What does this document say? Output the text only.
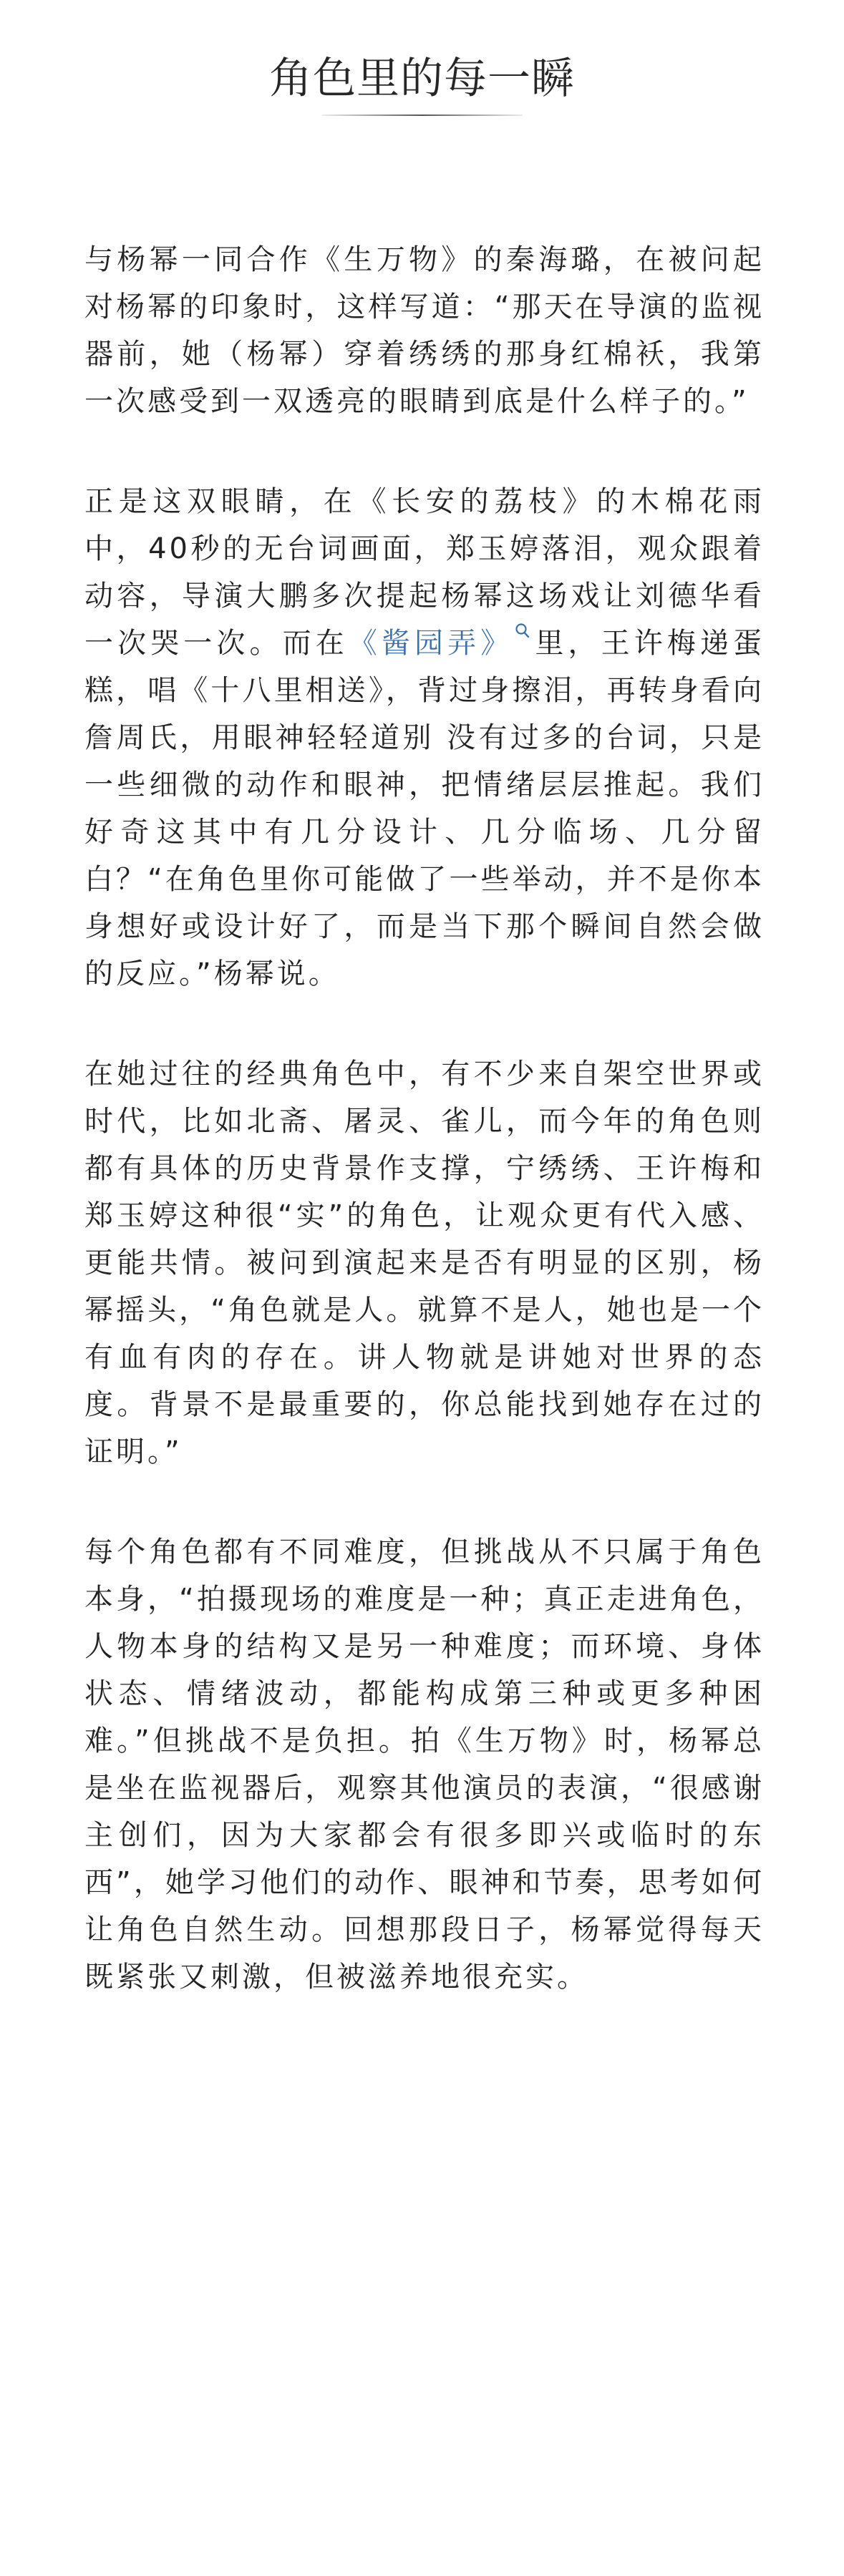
角色里的每一瞬

与杨幂一同合作《生万物》的秦海璐，在被问起对杨幂的印象时，这样写道：“那天在导演的监视器前，她（杨幂）穿着绣绣的那身红棉袄，我第一次感受到一双透亮的眼睛到底是什么样子的。”

正是这双眼睛，在《长安的荔枝》的木棉花雨中，40秒的无台词画面，郑玉婷落泪，观众跟着动容，导演大鹏多次提起杨幂这场戏让刘德华看一次哭一次。而在《酱园弄》 里，王许梅递蛋糕，唱《十八里相送》，背过身擦泪，再转身看向詹周氏，用眼神轻轻道别 没有过多的台词，只是一些细微的动作和眼神，把情绪层层推起。我们好奇这其中有几分设计、几分临场、几分留白？“在角色里你可能做了一些举动，并不是你本身想好或设计好了，而是当下那个瞬间自然会做的反应。”杨幂说。

在她过往的经典角色中，有不少来自架空世界或时代，比如北斋、屠灵、雀儿，而今年的角色则都有具体的历史背景作支撑，宁绣绣、王许梅和郑玉婷这种很“实”的角色，让观众更有代入感、更能共情。被问到演起来是否有明显的区别，杨幂摇头，“角色就是人。就算不是人，她也是一个有血有肉的存在。讲人物就是讲她对世界的态度。背景不是最重要的，你总能找到她存在过的证明。”

每个角色都有不同难度，但挑战从不只属于角色本身，“拍摄现场的难度是一种；真正走进角色，人物本身的结构又是另一种难度；而环境、身体状态、情绪波动，都能构成第三种或更多种困难。”但挑战不是负担。拍《生万物》时，杨幂总是坐在监视器后，观察其他演员的表演，“很感谢主创们，因为大家都会有很多即兴或临时的东西”，她学习他们的动作、眼神和节奏，思考如何让角色自然生动。回想那段日子，杨幂觉得每天既紧张又刺激，但被滋养地很充实。
